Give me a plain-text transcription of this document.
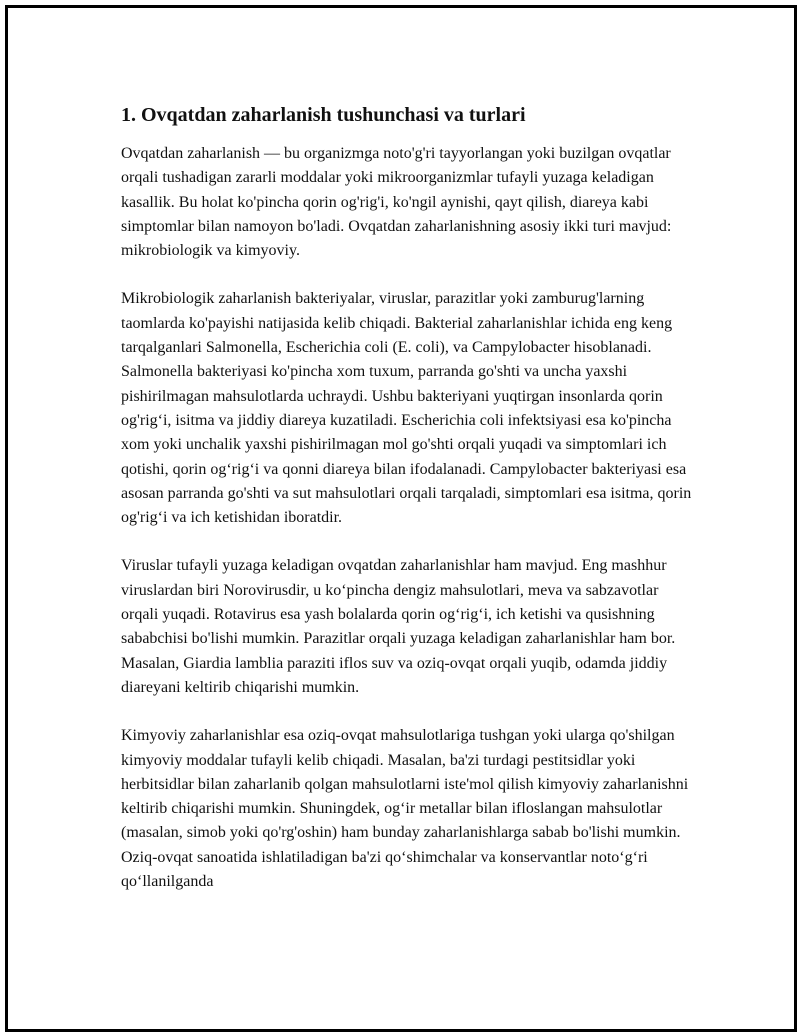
1. Ovqatdan zaharlanish tushunchasi va turlari

Ovqatdan zaharlanish — bu organizmga noto'g'ri tayyorlangan yoki buzilgan ovqatlar orqali tushadigan zararli moddalar yoki mikroorganizmlar tufayli yuzaga keladigan kasallik. Bu holat ko'pincha qorin og'rig'i, ko'ngil aynishi, qayt qilish, diareya kabi simptomlar bilan namoyon bo'ladi. Ovqatdan zaharlanishning asosiy ikki turi mavjud: mikrobiologik va kimyoviy.

Mikrobiologik zaharlanish bakteriyalar, viruslar, parazitlar yoki zamburug'larning taomlarda ko'payishi natijasida kelib chiqadi. Bakterial zaharlanishlar ichida eng keng tarqalganlari Salmonella, Escherichia coli (E. coli), va Campylobacter hisoblanadi. Salmonella bakteriyasi ko'pincha xom tuxum, parranda go'shti va uncha yaxshi pishirilmagan mahsulotlarda uchraydi. Ushbu bakteriyani yuqtirgan insonlarda qorin og'rig‘i, isitma va jiddiy diareya kuzatiladi. Escherichia coli infektsiyasi esa ko'pincha xom yoki unchalik yaxshi pishirilmagan mol go'shti orqali yuqadi va simptomlari ich qotishi, qorin og‘rig‘i va qonni diareya bilan ifodalanadi. Campylobacter bakteriyasi esa asosan parranda go'shti va sut mahsulotlari orqali tarqaladi, simptomlari esa isitma, qorin og'rig‘i va ich ketishidan iboratdir.

Viruslar tufayli yuzaga keladigan ovqatdan zaharlanishlar ham mavjud. Eng mashhur viruslardan biri Norovirusdir, u ko‘pincha dengiz mahsulotlari, meva va sabzavotlar orqali yuqadi. Rotavirus esa yash bolalarda qorin og‘rig‘i, ich ketishi va qusishning sababchisi bo'lishi mumkin. Parazitlar orqali yuzaga keladigan zaharlanishlar ham bor. Masalan, Giardia lamblia paraziti iflos suv va oziq-ovqat orqali yuqib, odamda jiddiy diareyani keltirib chiqarishi mumkin.

Kimyoviy zaharlanishlar esa oziq-ovqat mahsulotlariga tushgan yoki ularga qo'shilgan kimyoviy moddalar tufayli kelib chiqadi. Masalan, ba'zi turdagi pestitsidlar yoki herbitsidlar bilan zaharlanib qolgan mahsulotlarni iste'mol qilish kimyoviy zaharlanishni keltirib chiqarishi mumkin. Shuningdek, og‘ir metallar bilan ifloslangan mahsulotlar (masalan, simob yoki qo'rg'oshin) ham bunday zaharlanishlarga sabab bo'lishi mumkin. Oziq-ovqat sanoatida ishlatiladigan ba'zi qo‘shimchalar va konservantlar noto‘g‘ri qo‘llanilganda
